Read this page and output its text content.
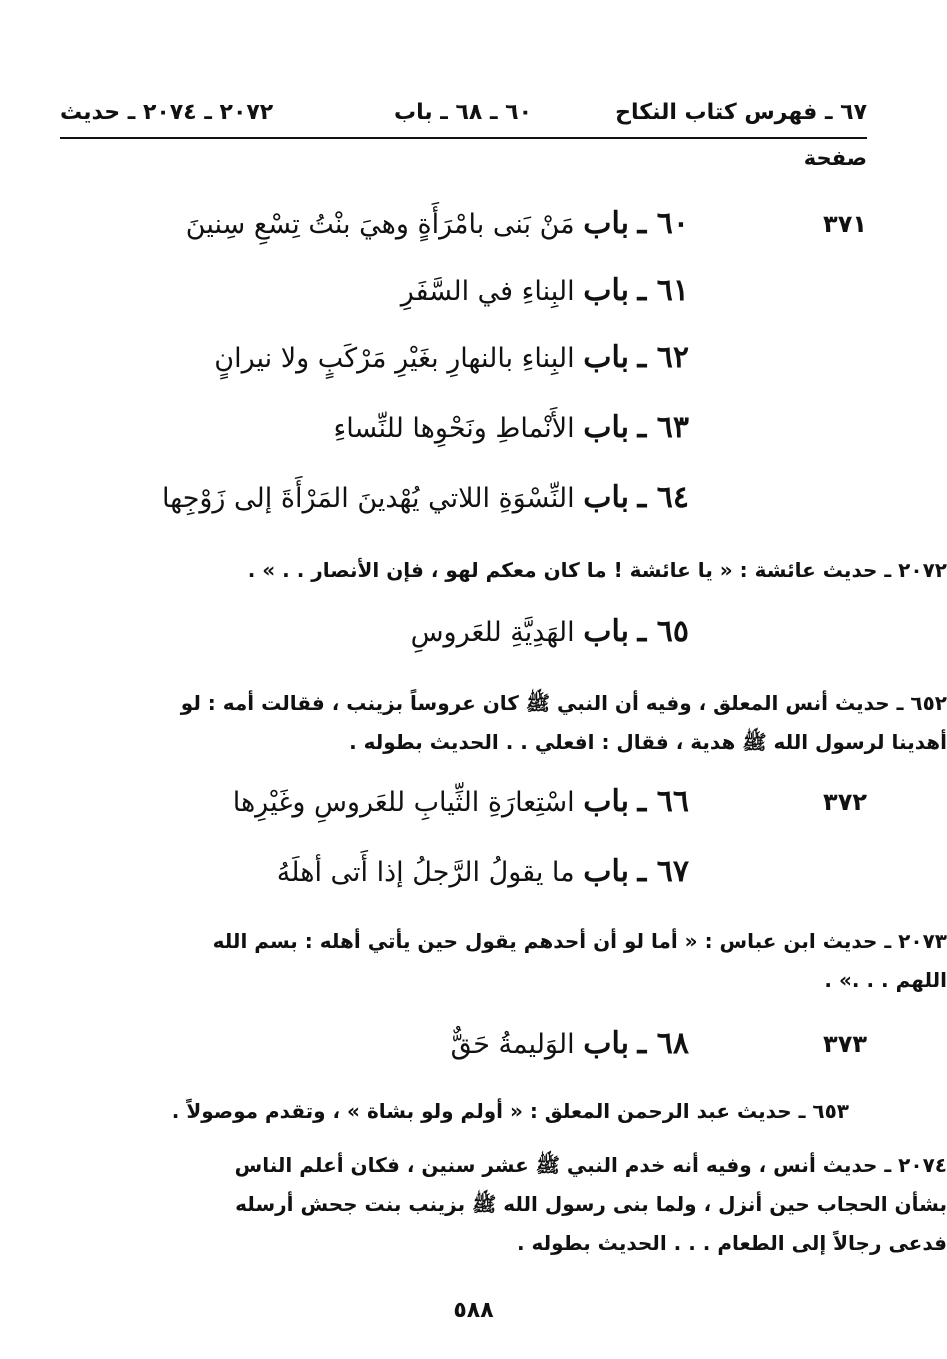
٦٧ ـ فهرس كتاب النكاح
٦٠ ـ ٦٨ ـ باب
٢٠٧٢ ـ ٢٠٧٤ ـ حديث
صفحة
٣٧١
٦٠ ـ باب مَنْ بَنى بامْرَأَةٍ وهيَ بنْتُ تِسْعِ سِنينَ
٦١ ـ باب البِناءِ في السَّفَرِ
٦٢ ـ باب البِناءِ بالنهارِ بغَيْرِ مَرْكَبٍ ولا نيرانٍ
٦٣ ـ باب الأَنْماطِ ونَحْوِها للنِّساءِ
٦٤ ـ باب النِّسْوَةِ اللاتي يُهْدينَ المَرْأَةَ إلى زَوْجِها
٢٠٧٢ ـ حديث عائشة : « يا عائشة ! ما كان معكم لهو ، فإن الأنصار . . » .
٦٥ ـ باب الهَدِيَّةِ للعَروسِ
٦٥٢ ـ حديث أنس المعلق ، وفيه أن النبي ﷺ كان عروساً بزينب ، فقالت أمه : لو
أهدينا لرسول الله ﷺ هدية ، فقال : افعلي . . الحديث بطوله .
٣٧٢
٦٦ ـ باب اسْتِعارَةِ الثِّيابِ للعَروسِ وغَيْرِها
٦٧ ـ باب ما يقولُ الرَّجلُ إذا أَتى أهلَهُ
٢٠٧٣ ـ حديث ابن عباس : « أما لو أن أحدهم يقول حين يأتي أهله : بسم الله
اللهم . . .» .
٣٧٣
٦٨ ـ باب الوَليمةُ حَقٌّ
٦٥٣ ـ حديث عبد الرحمن المعلق : « أولم ولو بشاة » ، وتقدم موصولاً .
٢٠٧٤ ـ حديث أنس ، وفيه أنه خدم النبي ﷺ عشر سنين ، فكان أعلم الناس
بشأن الحجاب حين أنزل ، ولما بنى رسول الله ﷺ بزينب بنت جحش أرسله
فدعى رجالاً إلى الطعام . . . الحديث بطوله .
٥٨٨
